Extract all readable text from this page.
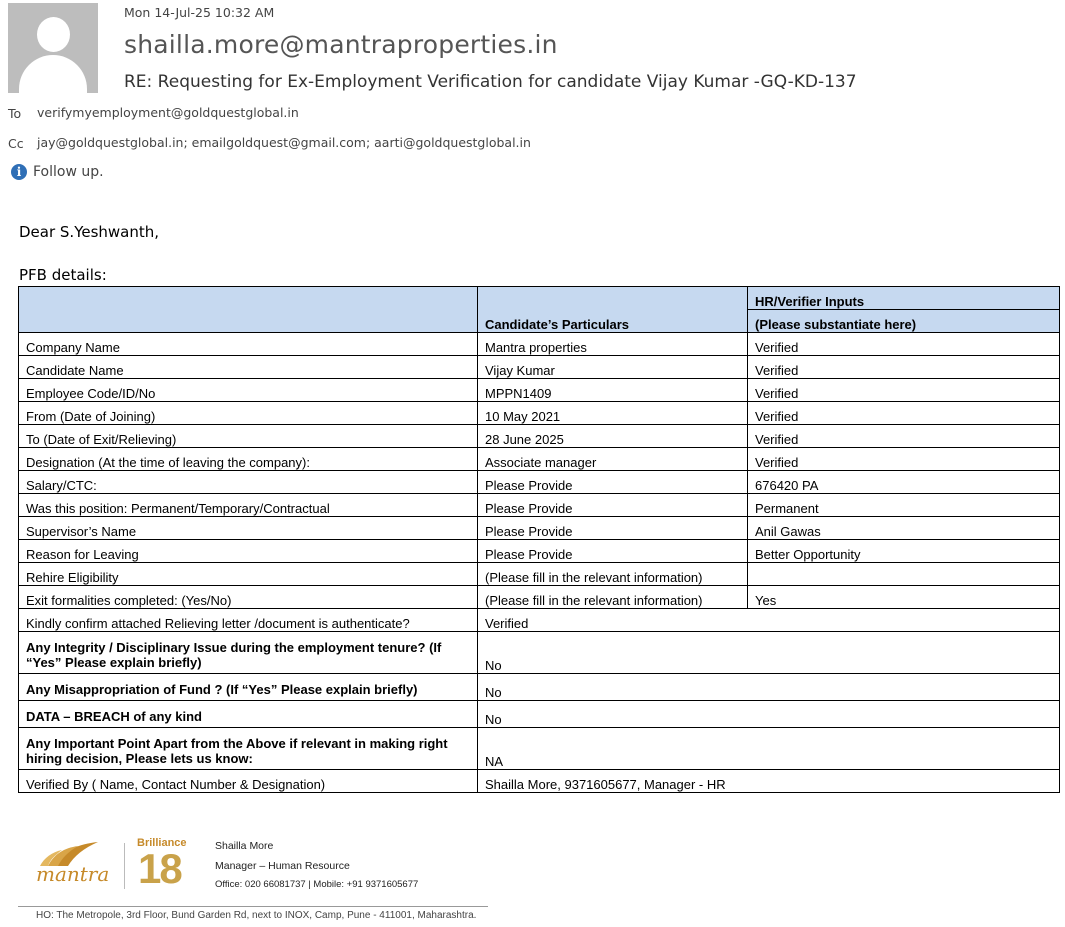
Mon 14-Jul-25 10:32 AM
shailla.more@mantraproperties.in
RE: Requesting for Ex-Employment Verification for candidate Vijay Kumar -GQ-KD-137
To verifymyemployment@goldquestglobal.in
Cc jay@goldquestglobal.in; emailgoldquest@gmail.com; aarti@goldquestglobal.in
i Follow up.
Dear S.Yeshwanth,
PFB details:
	Candidate’s Particulars	HR/Verifier Inputs
		(Please substantiate here)
Company Name	Mantra properties	Verified
Candidate Name	Vijay Kumar	Verified
Employee Code/ID/No	MPPN1409	Verified
From (Date of Joining)	10 May 2021	Verified
To (Date of Exit/Relieving)	28 June 2025	Verified
Designation (At the time of leaving the company):	Associate manager	Verified
Salary/CTC:	Please Provide	676420 PA
Was this position: Permanent/Temporary/Contractual	Please Provide	Permanent
Supervisor’s Name	Please Provide	Anil Gawas
Reason for Leaving	Please Provide	Better Opportunity
Rehire Eligibility	(Please fill in the relevant information)	
Exit formalities completed: (Yes/No)	(Please fill in the relevant information)	Yes
Kindly confirm attached Relieving letter /document is authenticate?	Verified	
Any Integrity / Disciplinary Issue during the employment tenure? (If “Yes” Please explain briefly)	No	
Any Misappropriation of Fund ? (If “Yes” Please explain briefly)	No	
DATA – BREACH of any kind	No	
Any Important Point Apart from the Above if relevant in making right hiring decision, Please lets us know:	NA	
Verified By ( Name, Contact Number & Designation)	Shailla More, 9371605677, Manager - HR	
mantra
Brilliance
18	Shailla More
Manager – Human Resource
Office: 020 66081737 | Mobile: +91 9371605677
HO: The Metropole, 3rd Floor, Bund Garden Rd, next to INOX, Camp, Pune - 411001, Maharashtra.
